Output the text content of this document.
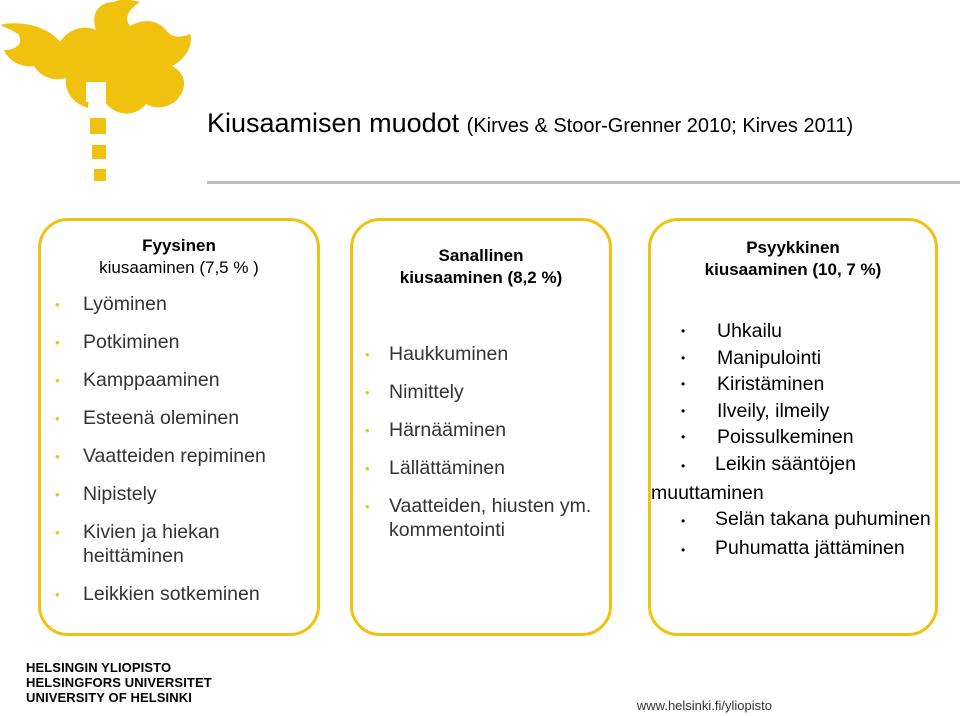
Kiusaamisen muodot (Kirves & Stoor-Grenner 2010; Kirves 2011)
Fyysinen
kiusaaminen (7,5 % )
• Lyöminen
• Potkiminen
• Kamppaaminen
• Esteenä oleminen
• Vaatteiden repiminen
• Nipistely
• Kivien ja hiekan heittäminen
• Leikkien sotkeminen
Sanallinen
kiusaaminen (8,2 %)
• Haukkuminen
• Nimittely
• Härnääminen
• Lällättäminen
• Vaatteiden, hiusten ym. kommentointi
Psyykkinen
kiusaaminen (10, 7 %)
• Uhkailu
• Manipulointi
• Kiristäminen
• Ilveily, ilmeily
• Poissulkeminen
• Leikin sääntöjen muuttaminen
• Selän takana puhuminen
• Puhumatta jättäminen
HELSINGIN YLIOPISTO
HELSINGFORS UNIVERSITET
UNIVERSITY OF HELSINKI
www.helsinki.fi/yliopisto
